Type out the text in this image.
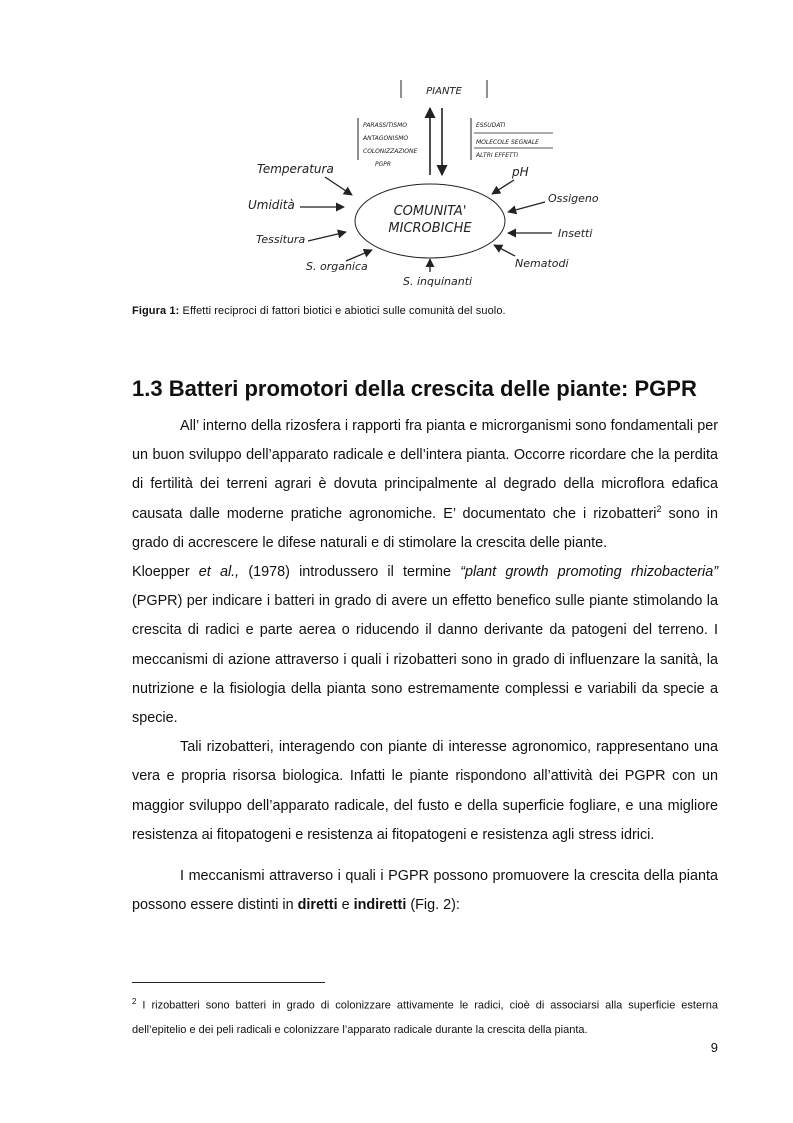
PIANTE
PARASSITISMO
ANTAGONISMO
COLONIZZAZIONE
PGPR
ESSUDATI
MOLECOLE SEGNALE
ALTRI EFFETTI
COMUNITA'
MICROBICHE
Temperatura
Umidità
Tessitura
S. organica
S. inquinanti
Nematodi
Insetti
Ossigeno
pH
Figura 1: Effetti reciproci di fattori biotici e abiotici sulle comunità del suolo.
1.3 Batteri promotori della crescita delle piante: PGPR

All’ interno della rizosfera i rapporti fra pianta e microrganismi sono fondamentali per un buon sviluppo dell’apparato radicale e dell’intera pianta. Occorre ricordare che la perdita di fertilità dei terreni agrari è dovuta principalmente al degrado della microflora edafica causata dalle moderne pratiche agronomiche. E’ documentato che i rizobatteri$^2$ sono in grado di accrescere le difese naturali e di stimolare la crescita delle piante.

Kloepper et al., (1978) introdussero il termine “plant growth promoting rhizobacteria” (PGPR) per indicare i batteri in grado di avere un effetto benefico sulle piante stimolando la crescita di radici e parte aerea o riducendo il danno derivante da patogeni del terreno. I meccanismi di azione attraverso i quali i rizobatteri sono in grado di influenzare la sanità, la nutrizione e la fisiologia della pianta sono estremamente complessi e variabili da specie a specie.

Tali rizobatteri, interagendo con piante di interesse agronomico, rappresentano una vera e propria risorsa biologica. Infatti le piante rispondono all’attività dei PGPR con un maggior sviluppo dell’apparato radicale, del fusto e della superficie fogliare, e una migliore resistenza ai fitopatogeni e resistenza ai fitopatogeni e resistenza agli stress idrici.

I meccanismi attraverso i quali i PGPR possono promuovere la crescita della pianta possono essere distinti in diretti e indiretti (Fig. 2):

$^2$ I rizobatteri sono batteri in grado di colonizzare attivamente le radici, cioè di associarsi alla superficie esterna dell’epitelio e dei peli radicali e colonizzare l’apparato radicale durante la crescita della pianta.
9
